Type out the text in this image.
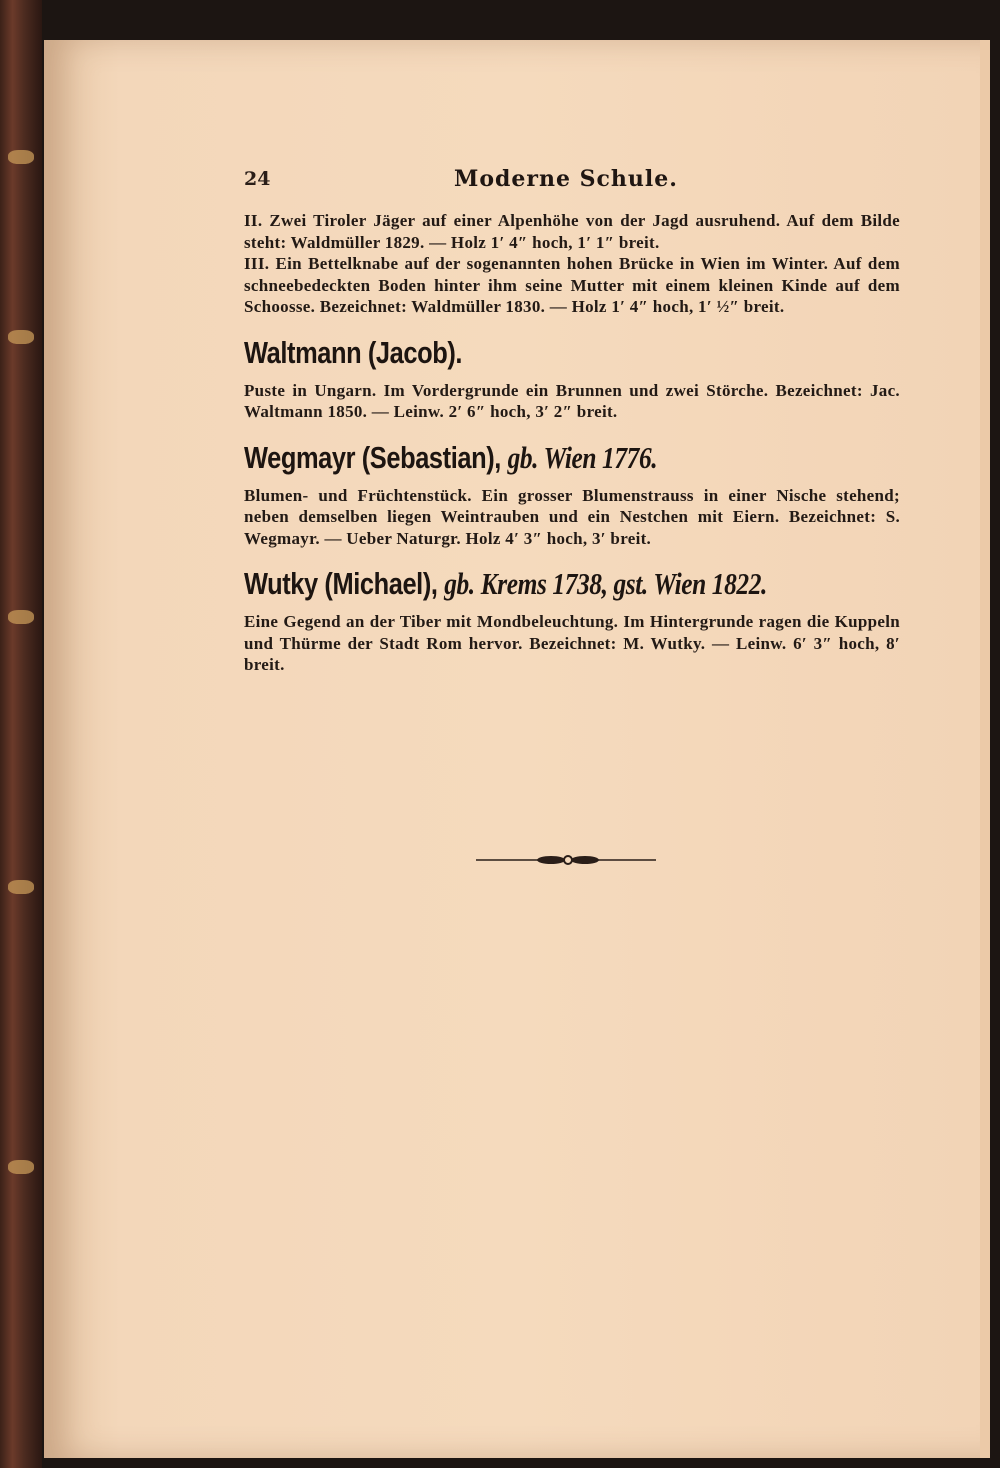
24	Moderne Schule.

II. Zwei Tiroler Jäger auf einer Alpenhöhe von der Jagd ausruhend. Auf dem Bilde steht: Waldmüller 1829. — Holz 1′ 4″ hoch, 1′ 1″ breit.

III. Ein Bettelknabe auf der sogenannten hohen Brücke in Wien im Winter. Auf dem schneebedeckten Boden hinter ihm seine Mutter mit einem kleinen Kinde auf dem Schoosse. Bezeichnet: Waldmüller 1830. — Holz 1′ 4″ hoch, 1′ ½″ breit.

Waltmann (Jacob).

Puste in Ungarn. Im Vordergrunde ein Brunnen und zwei Störche. Bezeichnet: Jac. Waltmann 1850. — Leinw. 2′ 6″ hoch, 3′ 2″ breit.

Wegmayr (Sebastian), gb. Wien 1776.

Blumen- und Früchtenstück. Ein grosser Blumenstrauss in einer Nische stehend; neben demselben liegen Weintrauben und ein Nestchen mit Eiern. Bezeichnet: S. Wegmayr. — Ueber Naturgr. Holz 4′ 3″ hoch, 3′ breit.

Wutky (Michael), gb. Krems 1738, gst. Wien 1822.

Eine Gegend an der Tiber mit Mondbeleuchtung. Im Hintergrunde ragen die Kuppeln und Thürme der Stadt Rom hervor. Bezeichnet: M. Wutky. — Leinw. 6′ 3″ hoch, 8′ breit.
